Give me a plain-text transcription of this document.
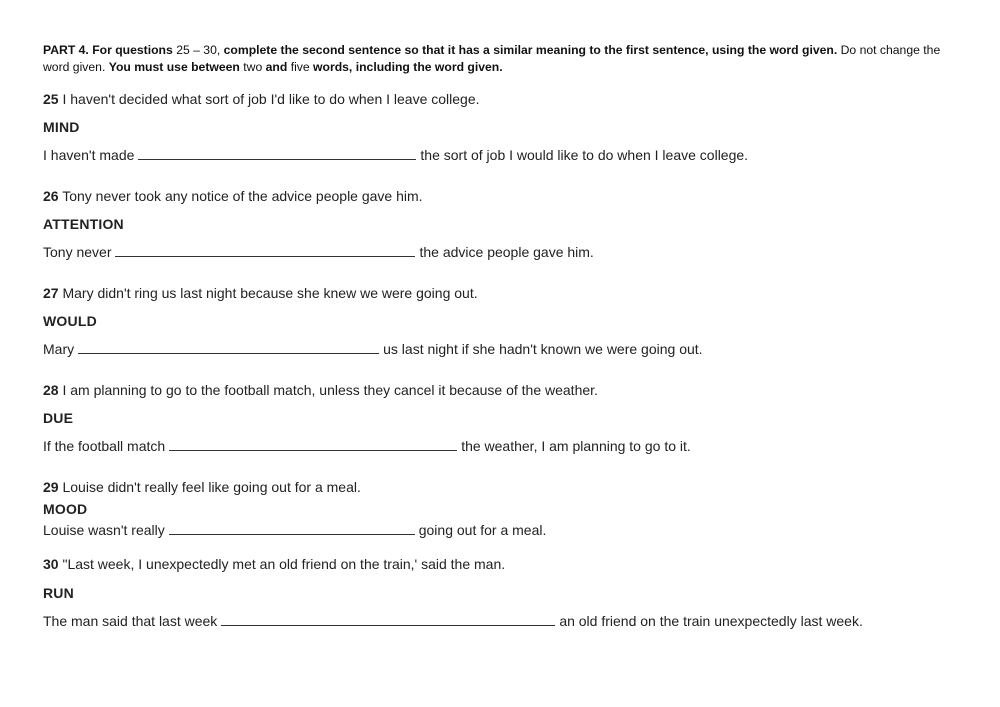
PART 4. For questions 25 – 30, complete the second sentence so that it has a similar meaning to the first sentence, using the word given. Do not change the word given. You must use between two and five words, including the word given.
25 I haven't decided what sort of job I'd like to do when I leave college.
MIND
I haven't made	the sort of job I would like to do when I leave college.
26 Tony never took any notice of the advice people gave him.
ATTENTION
Tony never	the advice people gave him.
27 Mary didn't ring us last night because she knew we were going out.
WOULD
Mary	us last night if she hadn't known we were going out.
28 I am planning to go to the football match, unless they cancel it because of the weather.
DUE
If the football match	the weather, I am planning to go to it.
29 Louise didn't really feel like going out for a meal.
MOOD
Louise wasn't really	going out for a meal.
30 "Last week, I unexpectedly met an old friend on the train,' said the man.
RUN
The man said that last week	an old friend on the train unexpectedly last week.
